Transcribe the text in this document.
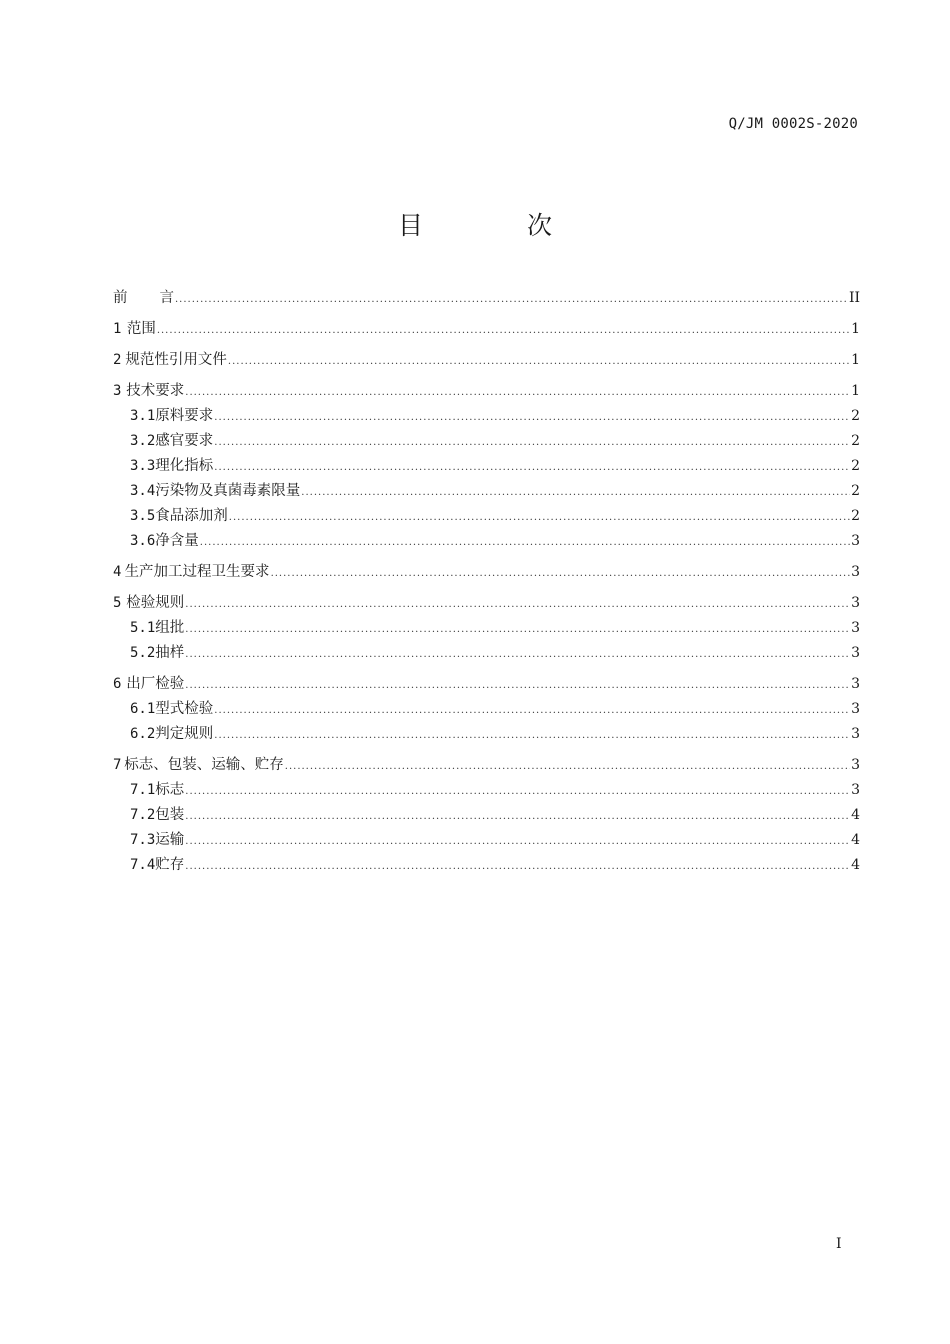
Q/JM 0002S-2020
目 次
前言 .....	II
1 范围 .....	1
2 规范性引用文件 .....	1
3 技术要求 .....	1
3.1 原料要求 .....	2
3.2 感官要求 .....	2
3.3 理化指标 .....	2
3.4 污染物及真菌毒素限量 .....	2
3.5 食品添加剂 .....	2
3.6 净含量 .....	3
4 生产加工过程卫生要求 .....	3
5 检验规则 .....	3
5.1 组批 .....	3
5.2 抽样 .....	3
6 出厂检验 .....	3
6.1 型式检验 .....	3
6.2 判定规则 .....	3
7 标志、包装、运输、贮存 .....	3
7.1 标志 .....	3
7.2 包装 .....	4
7.3 运输 .....	4
7.4 贮存 .....	4
I
